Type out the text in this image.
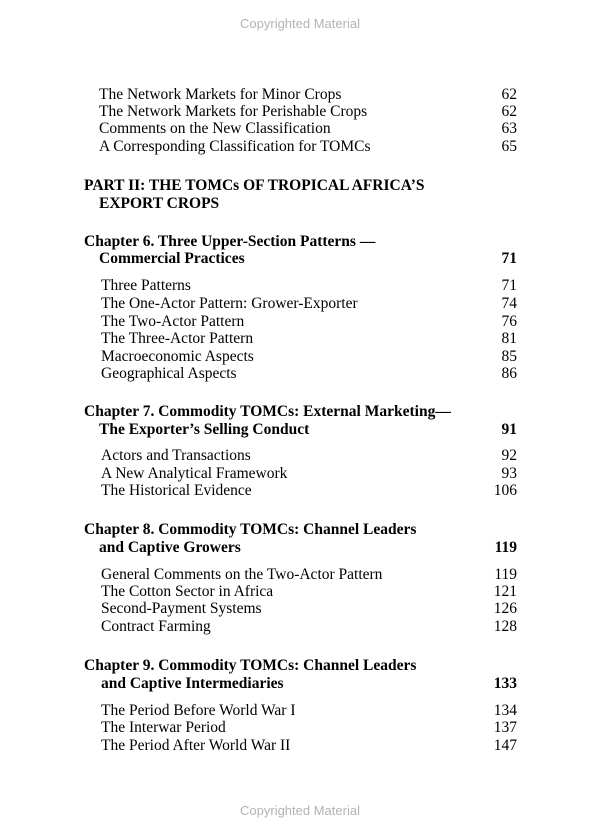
Copyrighted Material
The Network Markets for Minor Crops	62
The Network Markets for Perishable Crops	62
Comments on the New Classification	63
A Corresponding Classification for TOMCs	65
PART II: THE TOMCs OF TROPICAL AFRICA’S
EXPORT CROPS
Chapter 6. Three Upper-Section Patterns —
Commercial Practices	71
Three Patterns	71
The One-Actor Pattern: Grower-Exporter	74
The Two-Actor Pattern	76
The Three-Actor Pattern	81
Macroeconomic Aspects	85
Geographical Aspects	86
Chapter 7. Commodity TOMCs: External Marketing—
The Exporter’s Selling Conduct	91
Actors and Transactions	92
A New Analytical Framework	93
The Historical Evidence	106
Chapter 8. Commodity TOMCs: Channel Leaders
and Captive Growers	119
General Comments on the Two-Actor Pattern	119
The Cotton Sector in Africa	121
Second-Payment Systems	126
Contract Farming	128
Chapter 9. Commodity TOMCs: Channel Leaders
and Captive Intermediaries	133
The Period Before World War I	134
The Interwar Period	137
The Period After World War II	147
Copyrighted Material
